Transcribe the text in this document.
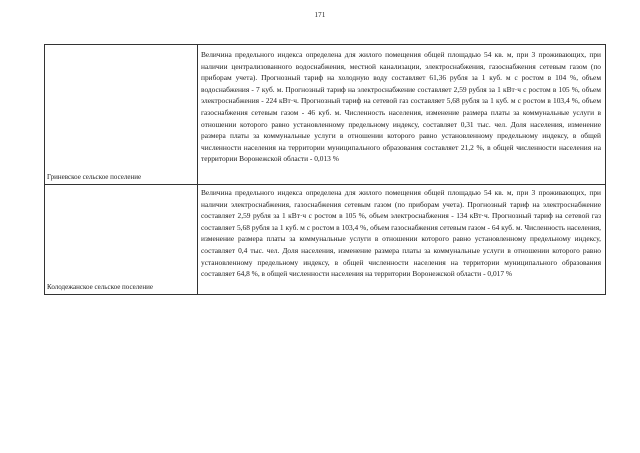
171
Гриневское сельское поселение	Величина предельного индекса определена для жилого помещения общей площадью 54 кв. м, при 3 проживающих, при наличии централизованного водоснабжения, местной канализации, электроснабжения, газоснабжения сетевым газом (по приборам учета). Прогнозный тариф на холодную воду составляет 61,36 рубля за 1 куб. м с ростом в 104 %, объем водоснабжения - 7 куб. м. Прогнозный тариф на электроснабжение составляет 2,59 рубля за 1 кВт·ч с ростом в 105 %, объем электроснабжения - 224 кВт·ч. Прогнозный тариф на сетевой газ составляет 5,68 рубля за 1 куб. м с ростом в 103,4 %, объем газоснабжения сетевым газом - 46 куб. м. Численность населения, изменение размера платы за коммунальные услуги в отношении которого равно установленному предельному индексу, составляет 0,31 тыс. чел. Доля населения, изменение размера платы за коммунальные услуги в отношении которого равно установленному предельному индексу, в общей численности населения на территории муниципального образования составляет 21,2 %, в общей численности населения на территории Воронежской области - 0,013 %

Колодежанское сельское поселение	Величина предельного индекса определена для жилого помещения общей площадью 54 кв. м, при 3 проживающих, при наличии электроснабжения, газоснабжения сетевым газом (по приборам учета). Прогнозный тариф на электроснабжение составляет 2,59 рубля за 1 кВт·ч с ростом в 105 %, объем электроснабжения - 134 кВт·ч. Прогнозный тариф на сетевой газ составляет 5,68 рубля за 1 куб. м с ростом в 103,4 %, объем газоснабжения сетевым газом - 64 куб. м. Численность населения, изменение размера платы за коммунальные услуги в отношении которого равно установленному предельному индексу, составляет 0,4 тыс. чел. Доля населения, изменение размера платы за коммунальные услуги в отношении которого равно установленному предельному индексу, в общей численности населения на территории муниципального образования составляет 64,8 %, в общей численности населения на территории Воронежской области - 0,017 %
